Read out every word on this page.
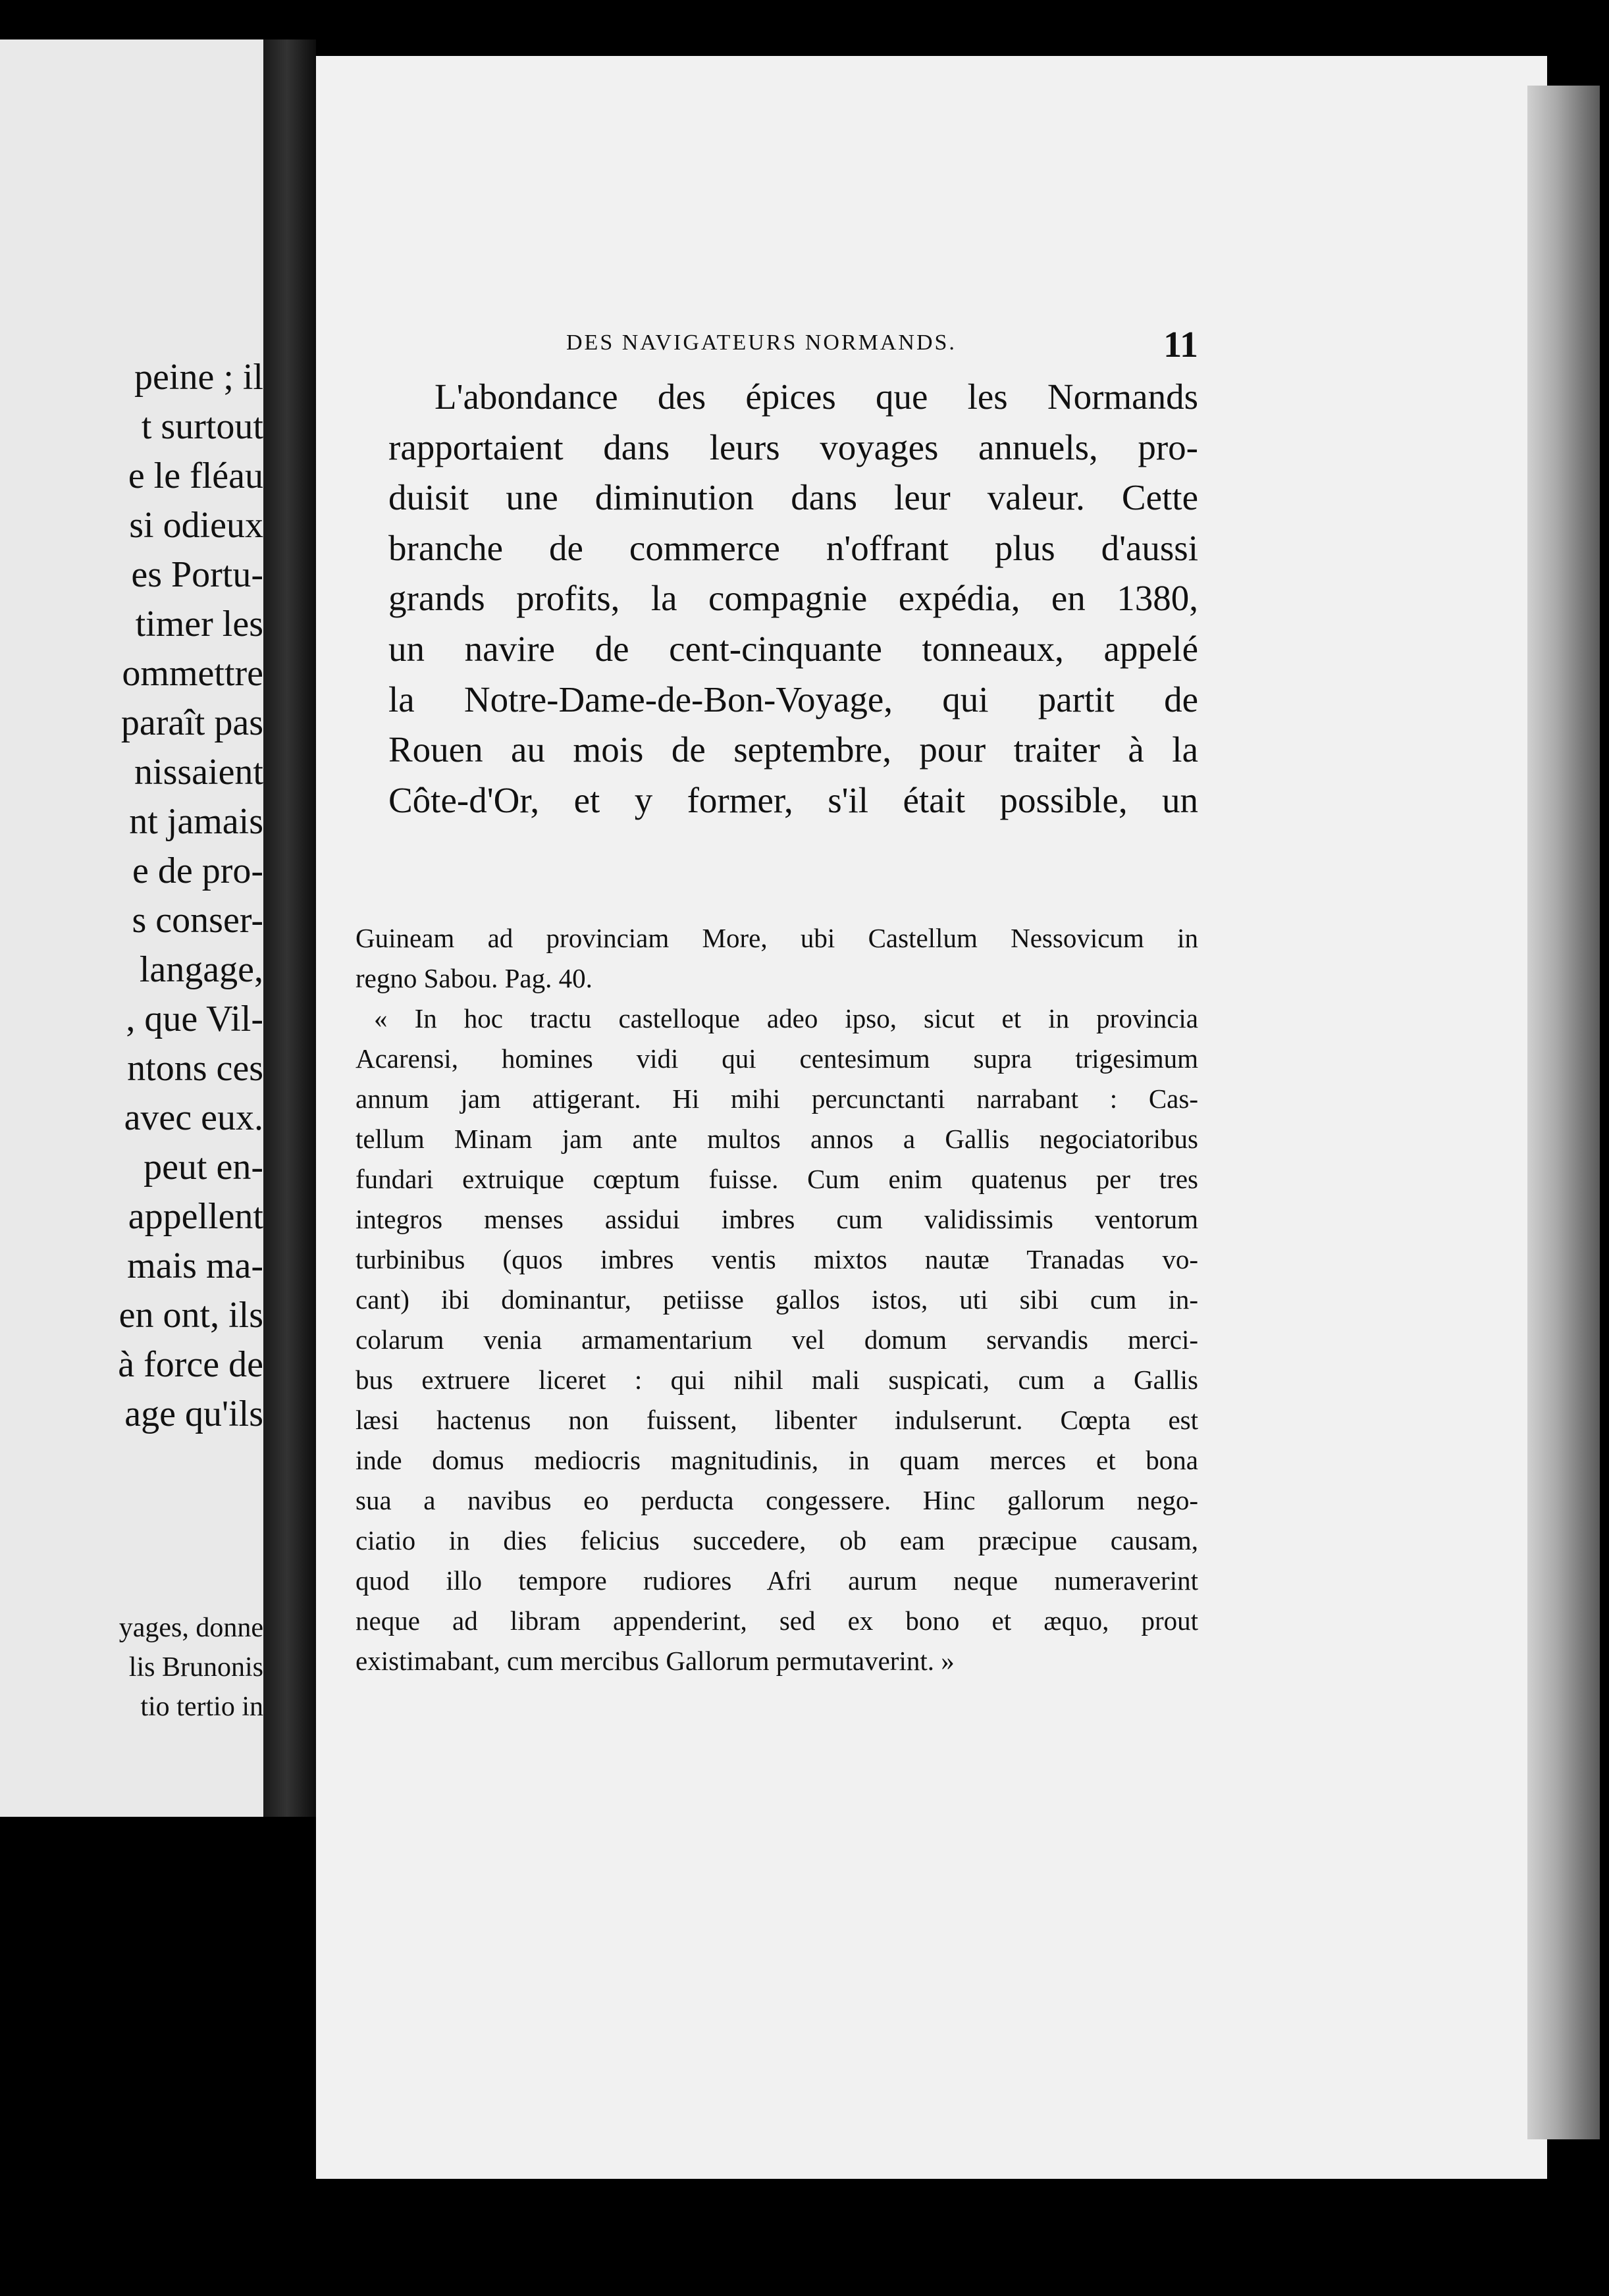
peine ; il
t surtout
e le fléau
si odieux
es Portu-
timer les
ommettre
paraît pas
nissaient
nt jamais
e de pro-
s conser-
langage,
, que Vil-
ntons ces
avec eux.
peut en-
appellent
mais ma-
en ont, ils
à force de
age qu'ils
yages, donne
lis Brunonis
tio tertio in
DES NAVIGATEURS NORMANDS.	11
L'abondance des épices que les Normands
rapportaient dans leurs voyages annuels, pro-
duisit une diminution dans leur valeur. Cette
branche de commerce n'offrant plus d'aussi
grands profits, la compagnie expédia, en 1380,
un navire de cent-cinquante tonneaux, appelé
la Notre-Dame-de-Bon-Voyage, qui partit de
Rouen au mois de septembre, pour traiter à la
Côte-d'Or, et y former, s'il était possible, un
Guineam ad provinciam More, ubi Castellum Nessovicum in
regno Sabou. Pag. 40.
« In hoc tractu castelloque adeo ipso, sicut et in provincia
Acarensi, homines vidi qui centesimum supra trigesimum
annum jam attigerant. Hi mihi percunctanti narrabant : Cas-
tellum Minam jam ante multos annos a Gallis negociatoribus
fundari extruique cœptum fuisse. Cum enim quatenus per tres
integros menses assidui imbres cum validissimis ventorum
turbinibus (quos imbres ventis mixtos nautæ Tranadas vo-
cant) ibi dominantur, petiisse gallos istos, uti sibi cum in-
colarum venia armamentarium vel domum servandis merci-
bus extruere liceret : qui nihil mali suspicati, cum a Gallis
læsi hactenus non fuissent, libenter indulserunt. Cœpta est
inde domus mediocris magnitudinis, in quam merces et bona
sua a navibus eo perducta congessere. Hinc gallorum nego-
ciatio in dies felicius succedere, ob eam præcipue causam,
quod illo tempore rudiores Afri aurum neque numeraverint
neque ad libram appenderint, sed ex bono et æquo, prout
existimabant, cum mercibus Gallorum permutaverint. »
